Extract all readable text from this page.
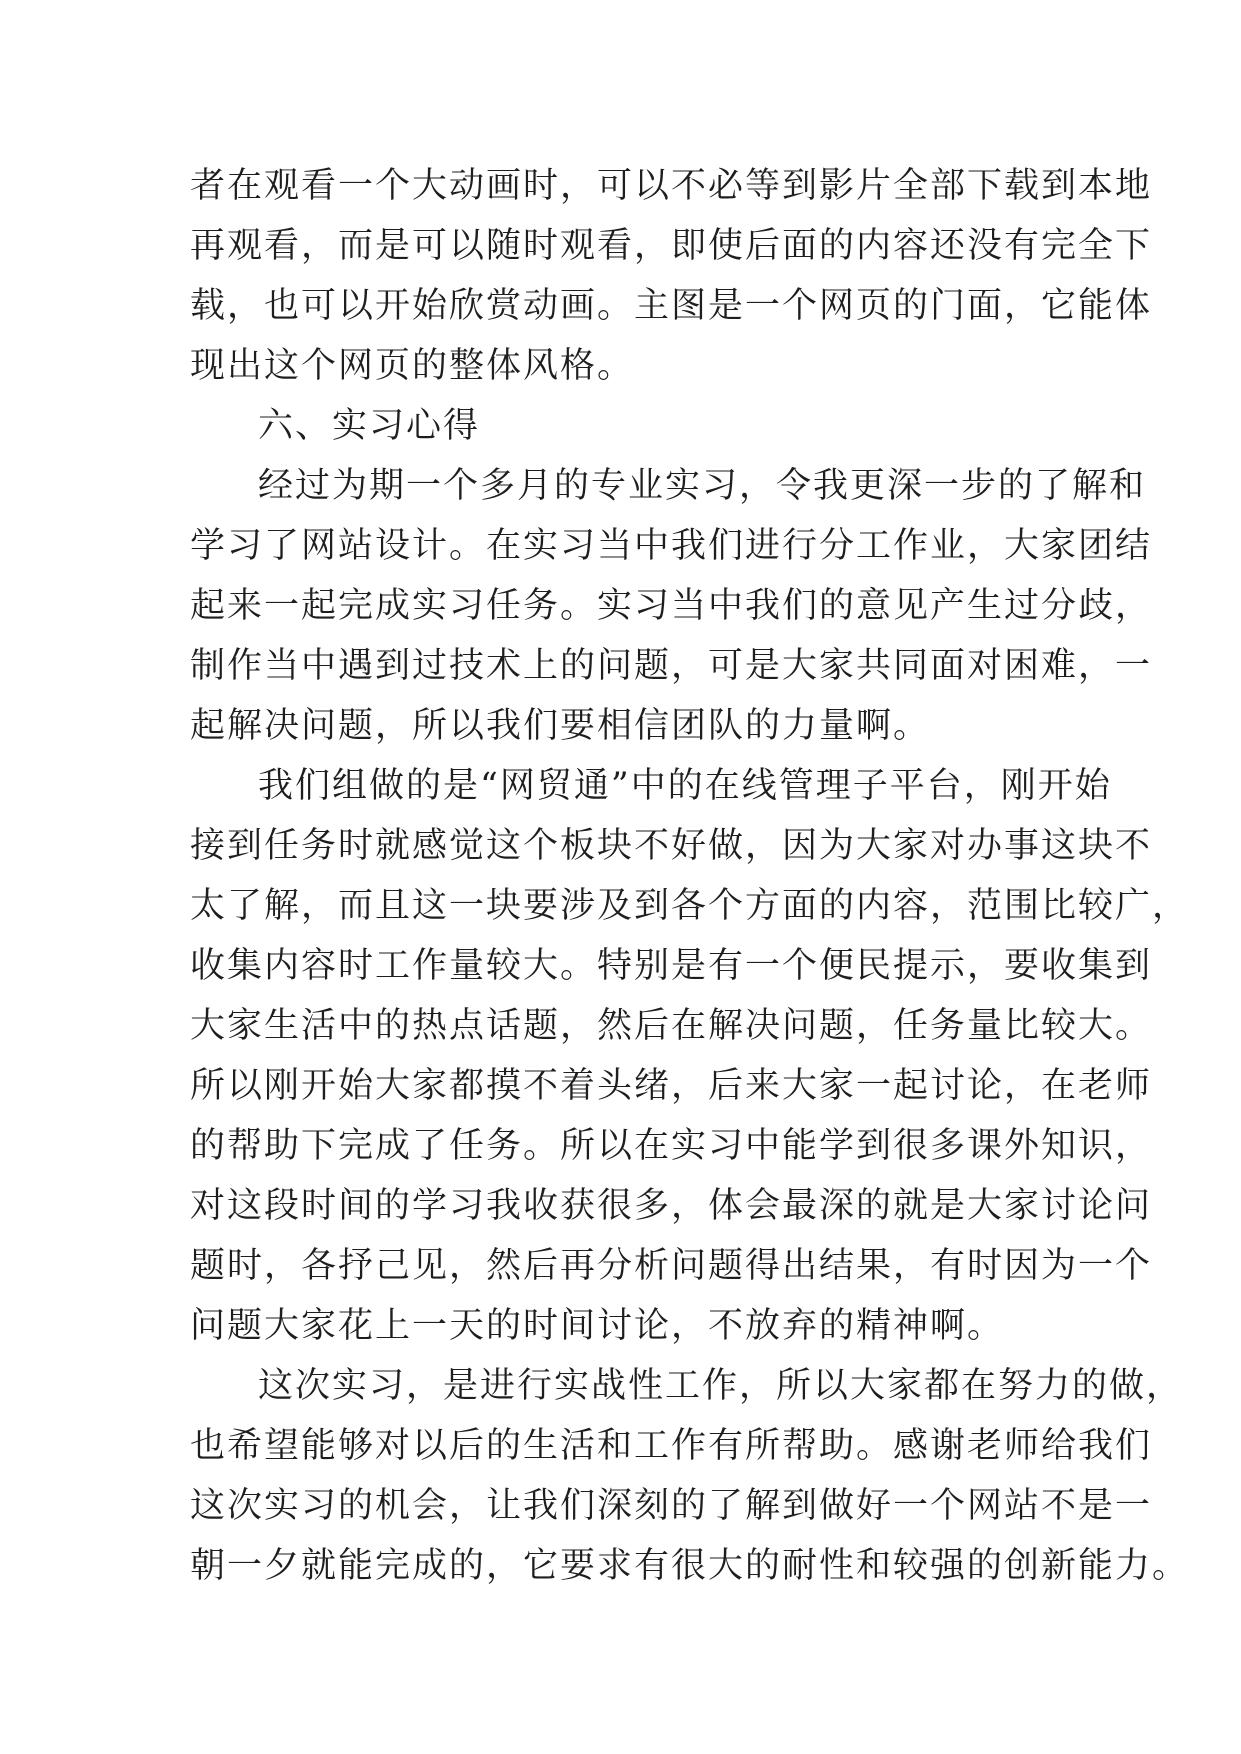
者在观看一个大动画时，可以不必等到影片全部下载到本地
再观看，而是可以随时观看，即使后面的内容还没有完全下
载，也可以开始欣赏动画。主图是一个网页的门面，它能体
现出这个网页的整体风格。
六、实习心得
经过为期一个多月的专业实习，令我更深一步的了解和
学习了网站设计。在实习当中我们进行分工作业，大家团结
起来一起完成实习任务。实习当中我们的意见产生过分歧，
制作当中遇到过技术上的问题，可是大家共同面对困难，一
起解决问题，所以我们要相信团队的力量啊。
我们组做的是“网贸通”中的在线管理子平台，刚开始
接到任务时就感觉这个板块不好做，因为大家对办事这块不
太了解，而且这一块要涉及到各个方面的内容，范围比较广，
收集内容时工作量较大。特别是有一个便民提示，要收集到
大家生活中的热点话题，然后在解决问题，任务量比较大。
所以刚开始大家都摸不着头绪，后来大家一起讨论，在老师
的帮助下完成了任务。所以在实习中能学到很多课外知识，
对这段时间的学习我收获很多，体会最深的就是大家讨论问
题时，各抒己见，然后再分析问题得出结果，有时因为一个
问题大家花上一天的时间讨论，不放弃的精神啊。
这次实习，是进行实战性工作，所以大家都在努力的做，
也希望能够对以后的生活和工作有所帮助。感谢老师给我们
这次实习的机会，让我们深刻的了解到做好一个网站不是一
朝一夕就能完成的，它要求有很大的耐性和较强的创新能力。
